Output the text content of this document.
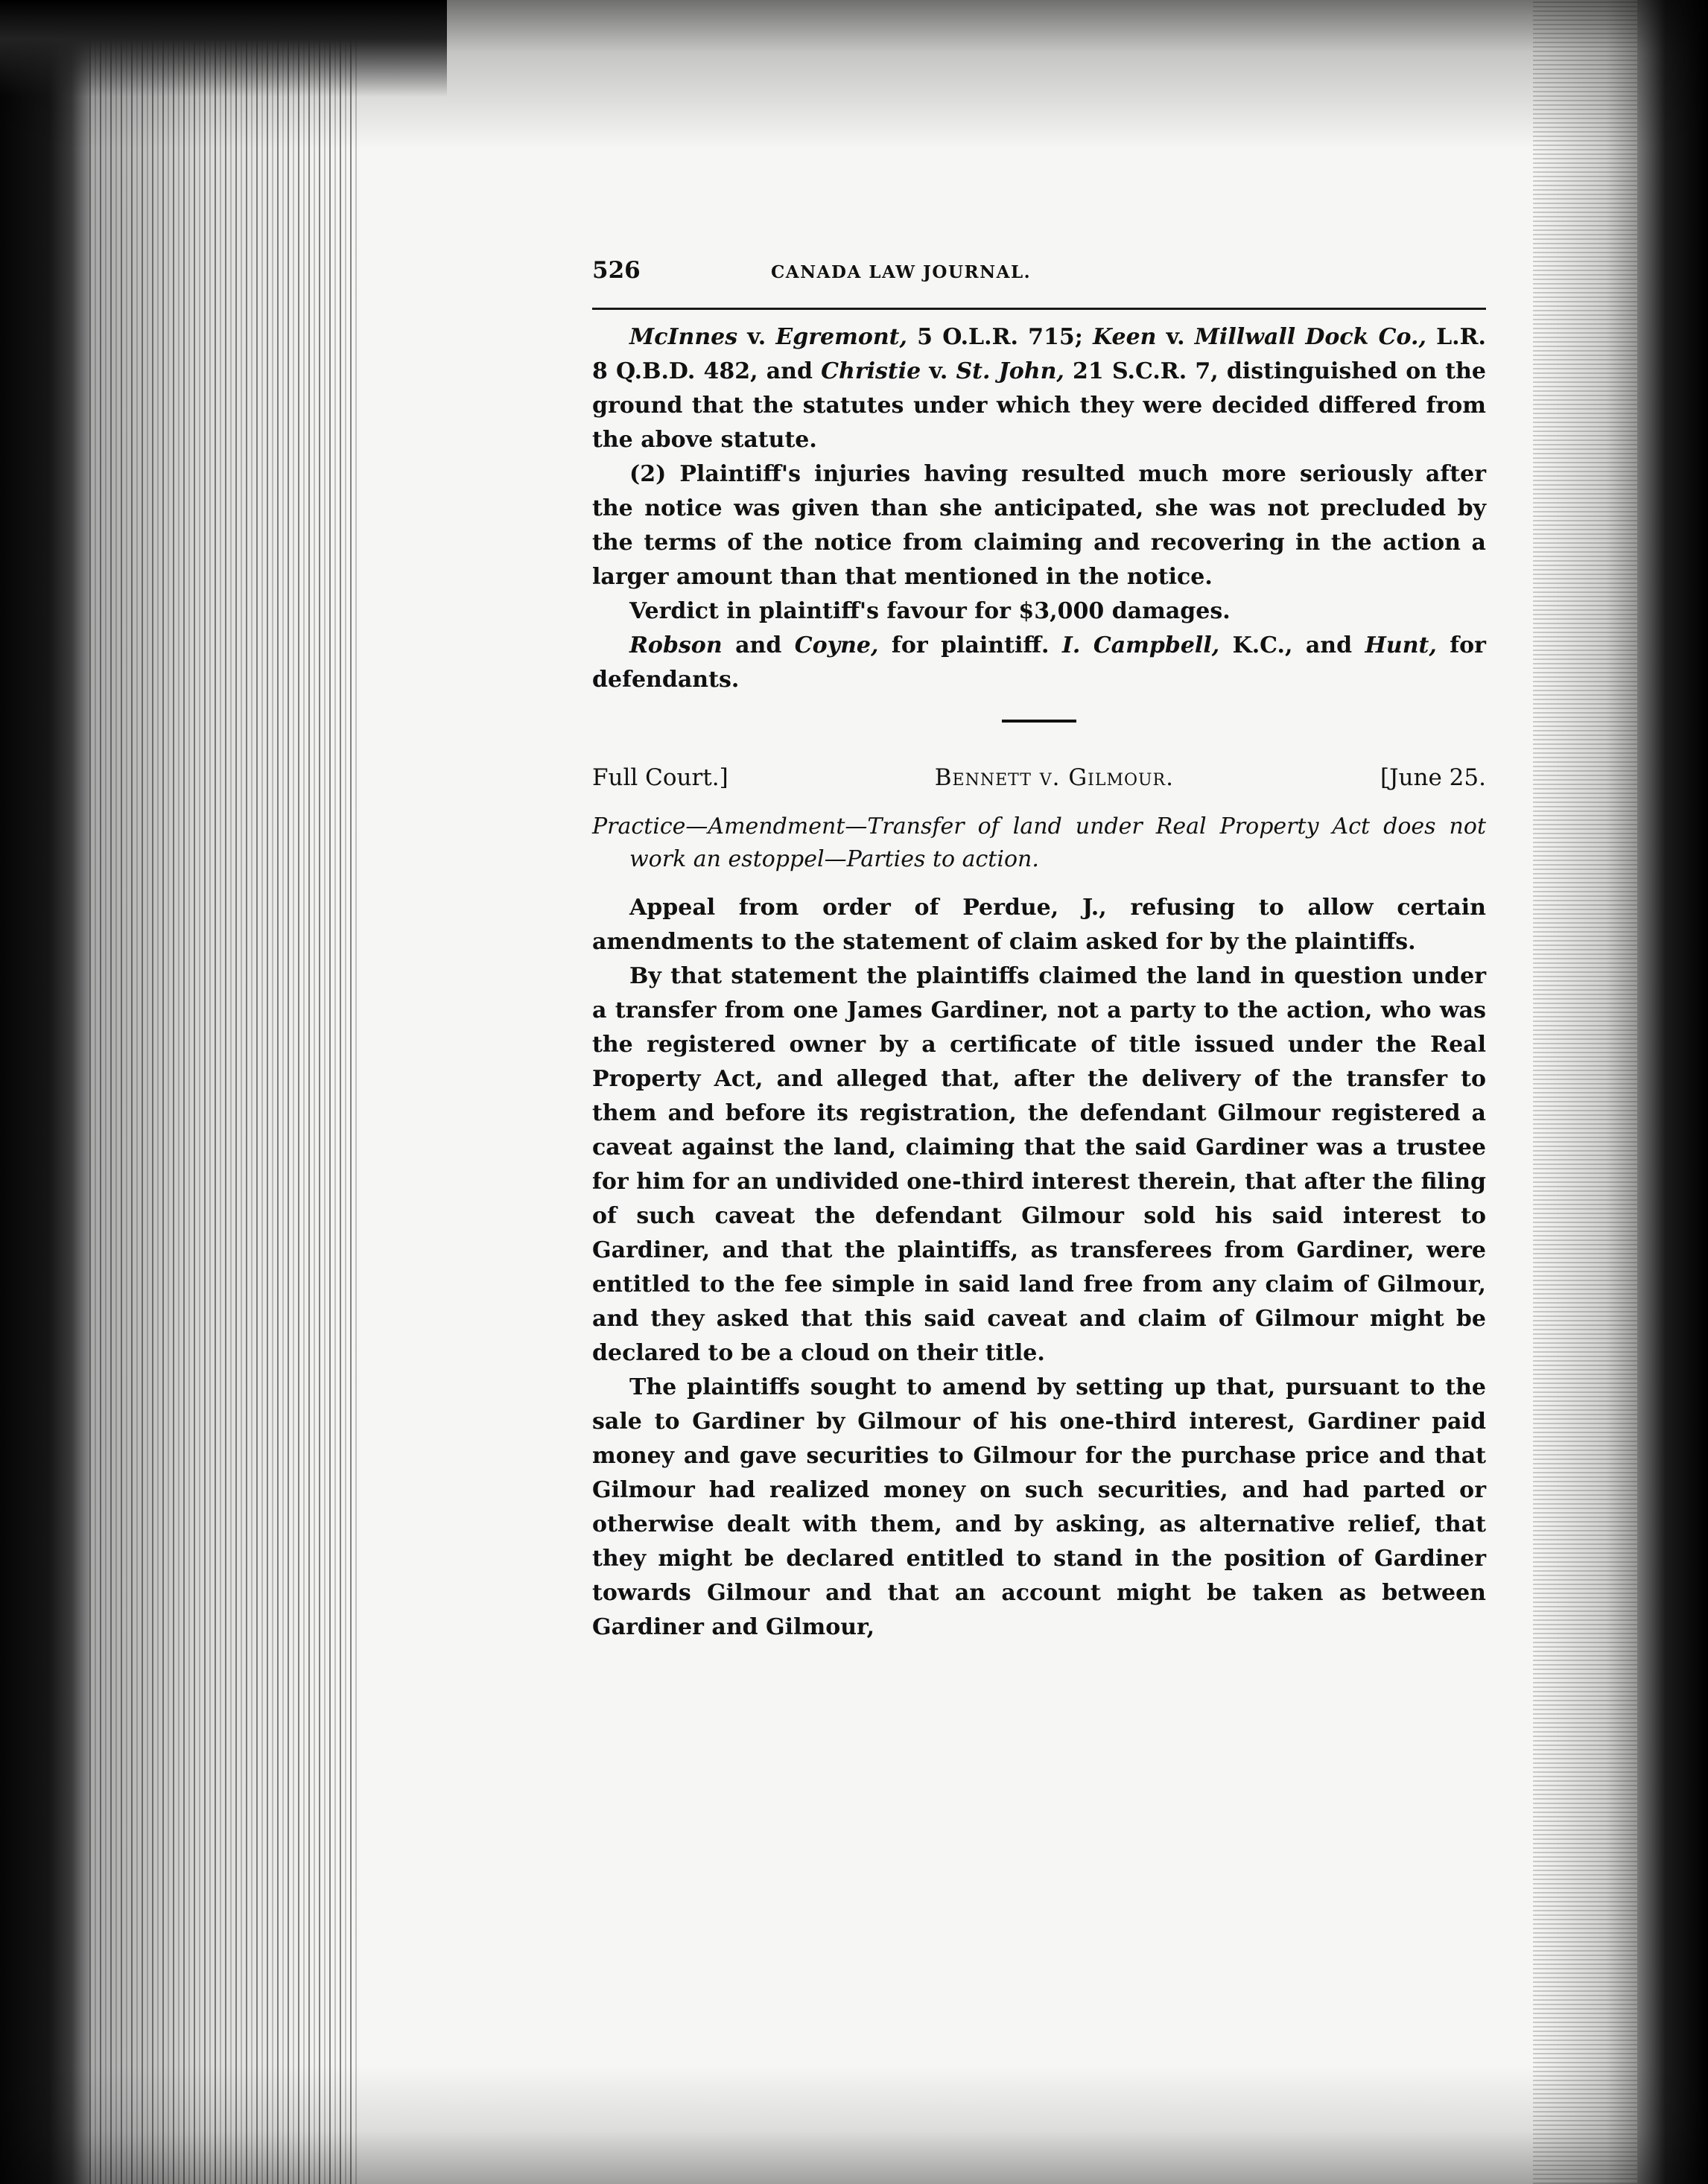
526	CANADA LAW JOURNAL.

McInnes v. Egremont, 5 O.L.R. 715; Keen v. Millwall Dock Co., L.R. 8 Q.B.D. 482, and Christie v. St. John, 21 S.C.R. 7, distinguished on the ground that the statutes under which they were decided differed from the above statute.

(2) Plaintiff's injuries having resulted much more seriously after the notice was given than she anticipated, she was not precluded by the terms of the notice from claiming and recovering in the action a larger amount than that mentioned in the notice.

Verdict in plaintiff's favour for $3,000 damages.

Robson and Coyne, for plaintiff. I. Campbell, K.C., and Hunt, for defendants.

Full Court.]	Bennett v. Gilmour.	[June 25.

Practice—Amendment—Transfer of land under Real Property Act does not work an estoppel—Parties to action.

Appeal from order of Perdue, J., refusing to allow certain amendments to the statement of claim asked for by the plaintiffs.

By that statement the plaintiffs claimed the land in question under a transfer from one James Gardiner, not a party to the action, who was the registered owner by a certificate of title issued under the Real Property Act, and alleged that, after the delivery of the transfer to them and before its registration, the defendant Gilmour registered a caveat against the land, claiming that the said Gardiner was a trustee for him for an undivided one-third interest therein, that after the filing of such caveat the defendant Gilmour sold his said interest to Gardiner, and that the plaintiffs, as transferees from Gardiner, were entitled to the fee simple in said land free from any claim of Gilmour, and they asked that this said caveat and claim of Gilmour might be declared to be a cloud on their title.

The plaintiffs sought to amend by setting up that, pursuant to the sale to Gardiner by Gilmour of his one-third interest, Gardiner paid money and gave securities to Gilmour for the purchase price and that Gilmour had realized money on such securities, and had parted or otherwise dealt with them, and by asking, as alternative relief, that they might be declared entitled to stand in the position of Gardiner towards Gilmour and that an account might be taken as between Gardiner and Gilmour,
